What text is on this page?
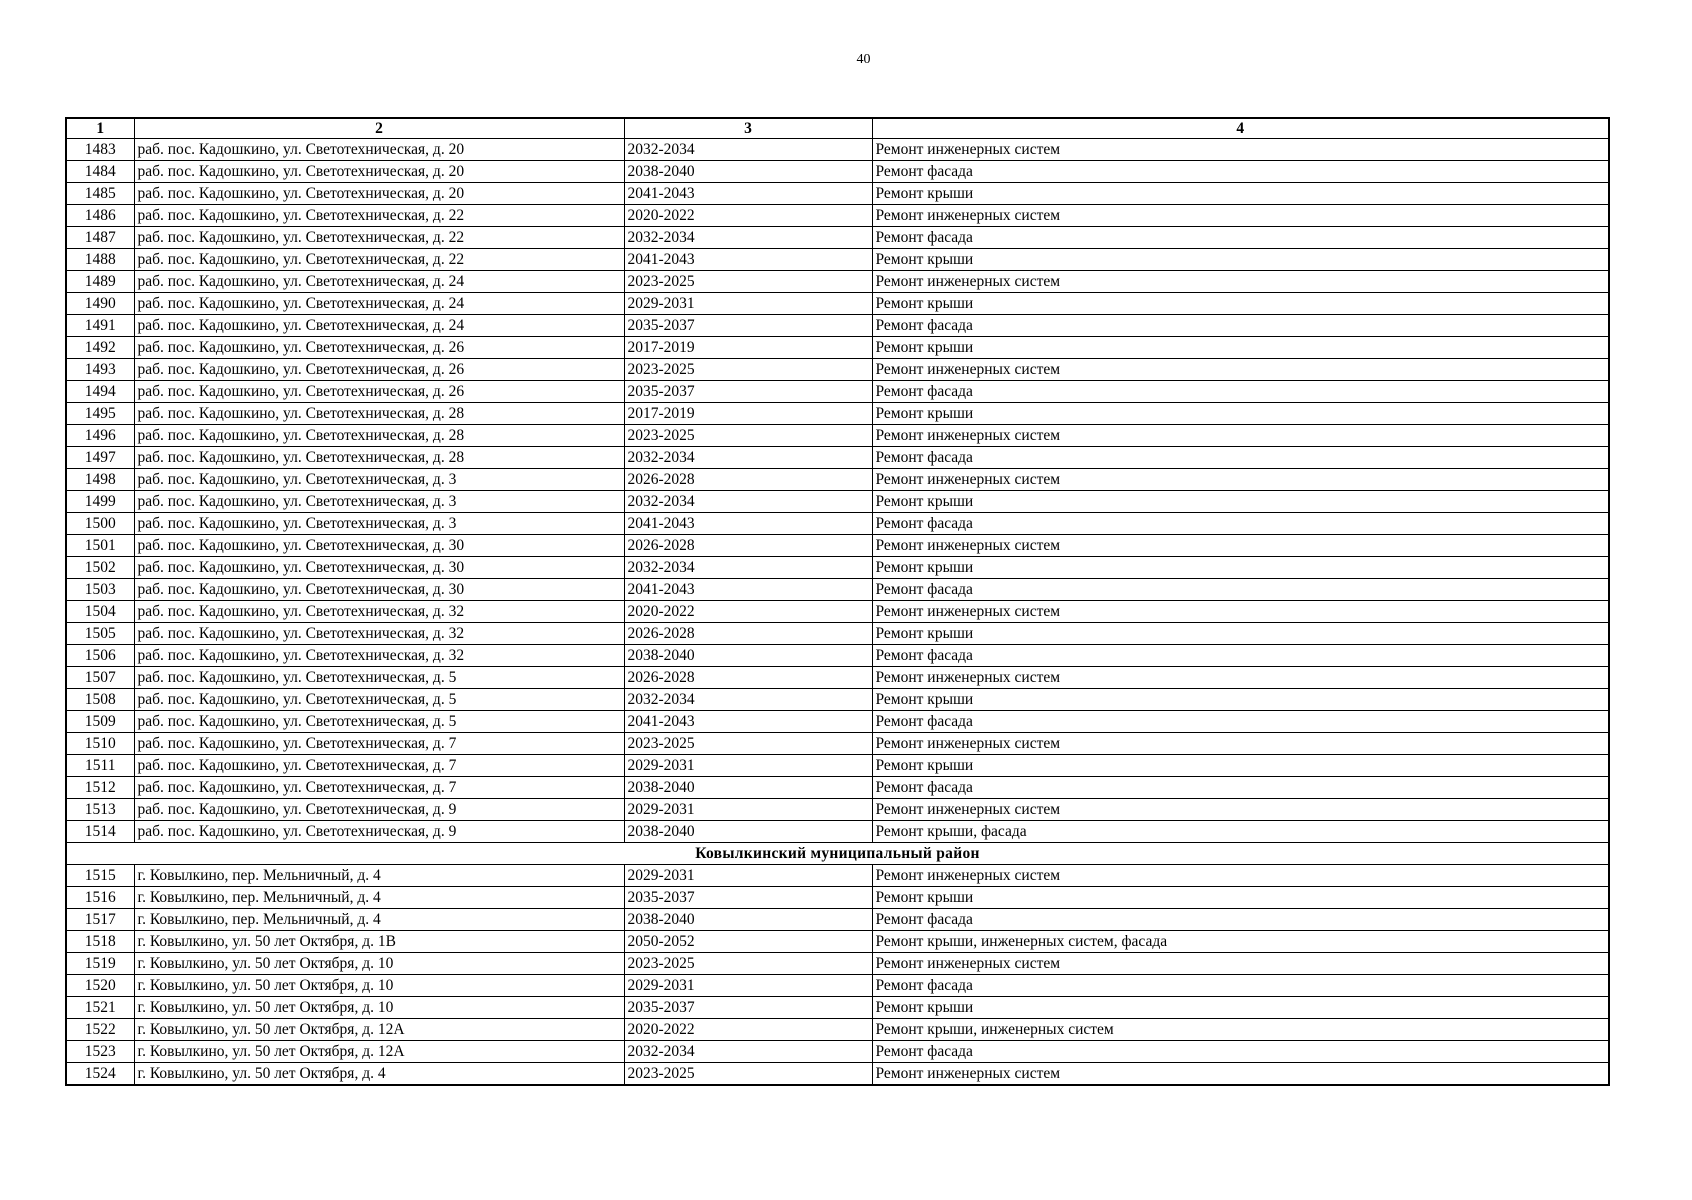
40
1	2	3	4
1483	раб. пос. Кадошкино, ул. Светотехническая, д. 20	2032-2034	Ремонт инженерных систем
1484	раб. пос. Кадошкино, ул. Светотехническая, д. 20	2038-2040	Ремонт фасада
1485	раб. пос. Кадошкино, ул. Светотехническая, д. 20	2041-2043	Ремонт крыши
1486	раб. пос. Кадошкино, ул. Светотехническая, д. 22	2020-2022	Ремонт инженерных систем
1487	раб. пос. Кадошкино, ул. Светотехническая, д. 22	2032-2034	Ремонт фасада
1488	раб. пос. Кадошкино, ул. Светотехническая, д. 22	2041-2043	Ремонт крыши
1489	раб. пос. Кадошкино, ул. Светотехническая, д. 24	2023-2025	Ремонт инженерных систем
1490	раб. пос. Кадошкино, ул. Светотехническая, д. 24	2029-2031	Ремонт крыши
1491	раб. пос. Кадошкино, ул. Светотехническая, д. 24	2035-2037	Ремонт фасада
1492	раб. пос. Кадошкино, ул. Светотехническая, д. 26	2017-2019	Ремонт крыши
1493	раб. пос. Кадошкино, ул. Светотехническая, д. 26	2023-2025	Ремонт инженерных систем
1494	раб. пос. Кадошкино, ул. Светотехническая, д. 26	2035-2037	Ремонт фасада
1495	раб. пос. Кадошкино, ул. Светотехническая, д. 28	2017-2019	Ремонт крыши
1496	раб. пос. Кадошкино, ул. Светотехническая, д. 28	2023-2025	Ремонт инженерных систем
1497	раб. пос. Кадошкино, ул. Светотехническая, д. 28	2032-2034	Ремонт фасада
1498	раб. пос. Кадошкино, ул. Светотехническая, д. 3	2026-2028	Ремонт инженерных систем
1499	раб. пос. Кадошкино, ул. Светотехническая, д. 3	2032-2034	Ремонт крыши
1500	раб. пос. Кадошкино, ул. Светотехническая, д. 3	2041-2043	Ремонт фасада
1501	раб. пос. Кадошкино, ул. Светотехническая, д. 30	2026-2028	Ремонт инженерных систем
1502	раб. пос. Кадошкино, ул. Светотехническая, д. 30	2032-2034	Ремонт крыши
1503	раб. пос. Кадошкино, ул. Светотехническая, д. 30	2041-2043	Ремонт фасада
1504	раб. пос. Кадошкино, ул. Светотехническая, д. 32	2020-2022	Ремонт инженерных систем
1505	раб. пос. Кадошкино, ул. Светотехническая, д. 32	2026-2028	Ремонт крыши
1506	раб. пос. Кадошкино, ул. Светотехническая, д. 32	2038-2040	Ремонт фасада
1507	раб. пос. Кадошкино, ул. Светотехническая, д. 5	2026-2028	Ремонт инженерных систем
1508	раб. пос. Кадошкино, ул. Светотехническая, д. 5	2032-2034	Ремонт крыши
1509	раб. пос. Кадошкино, ул. Светотехническая, д. 5	2041-2043	Ремонт фасада
1510	раб. пос. Кадошкино, ул. Светотехническая, д. 7	2023-2025	Ремонт инженерных систем
1511	раб. пос. Кадошкино, ул. Светотехническая, д. 7	2029-2031	Ремонт крыши
1512	раб. пос. Кадошкино, ул. Светотехническая, д. 7	2038-2040	Ремонт фасада
1513	раб. пос. Кадошкино, ул. Светотехническая, д. 9	2029-2031	Ремонт инженерных систем
1514	раб. пос. Кадошкино, ул. Светотехническая, д. 9	2038-2040	Ремонт крыши, фасада
Ковылкинский муниципальный район			
1515	г. Ковылкино, пер. Мельничный, д. 4	2029-2031	Ремонт инженерных систем
1516	г. Ковылкино, пер. Мельничный, д. 4	2035-2037	Ремонт крыши
1517	г. Ковылкино, пер. Мельничный, д. 4	2038-2040	Ремонт фасада
1518	г. Ковылкино, ул. 50 лет Октября, д. 1В	2050-2052	Ремонт крыши, инженерных систем, фасада
1519	г. Ковылкино, ул. 50 лет Октября, д. 10	2023-2025	Ремонт инженерных систем
1520	г. Ковылкино, ул. 50 лет Октября, д. 10	2029-2031	Ремонт фасада
1521	г. Ковылкино, ул. 50 лет Октября, д. 10	2035-2037	Ремонт крыши
1522	г. Ковылкино, ул. 50 лет Октября, д. 12А	2020-2022	Ремонт крыши, инженерных систем
1523	г. Ковылкино, ул. 50 лет Октября, д. 12А	2032-2034	Ремонт фасада
1524	г. Ковылкино, ул. 50 лет Октября, д. 4	2023-2025	Ремонт инженерных систем
